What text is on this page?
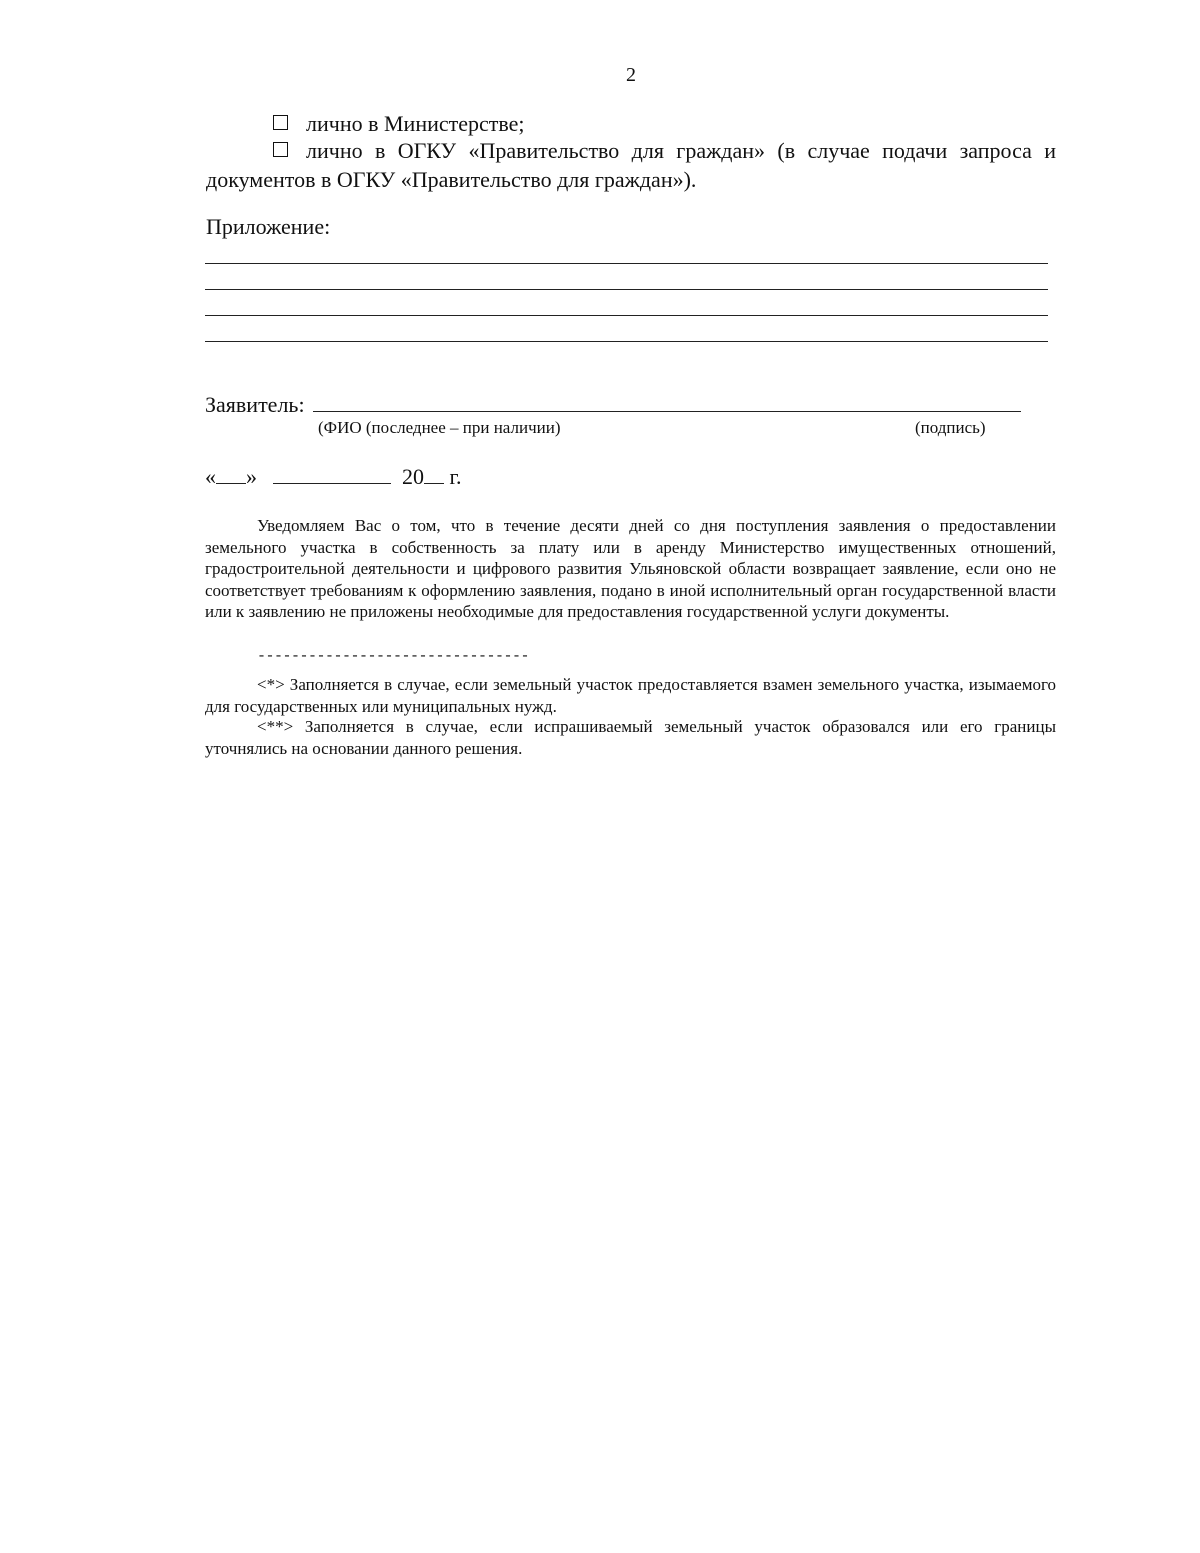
2
лично в Министерстве;
лично в ОГКУ «Правительство для граждан» (в случае подачи запроса и документов в ОГКУ «Правительство для граждан»).
Приложение:
Заявитель:
(ФИО (последнее – при наличии)	(подпись)
« »	20 г.
Уведомляем Вас о том, что в течение десяти дней со дня поступления заявления о предоставлении земельного участка в собственность за плату или в аренду Министерство имущественных отношений, градостроительной деятельности и цифрового развития Ульяновской области возвращает заявление, если оно не соответствует требованиям к оформлению заявления, подано в иной исполнительный орган государственной власти или к заявлению не приложены необходимые для предоставления государственной услуги документы.
--------------------------------
<*> Заполняется в случае, если земельный участок предоставляется взамен земельного участка, изымаемого для государственных или муниципальных нужд.
<**> Заполняется в случае, если испрашиваемый земельный участок образовался или его границы уточнялись на основании данного решения.
